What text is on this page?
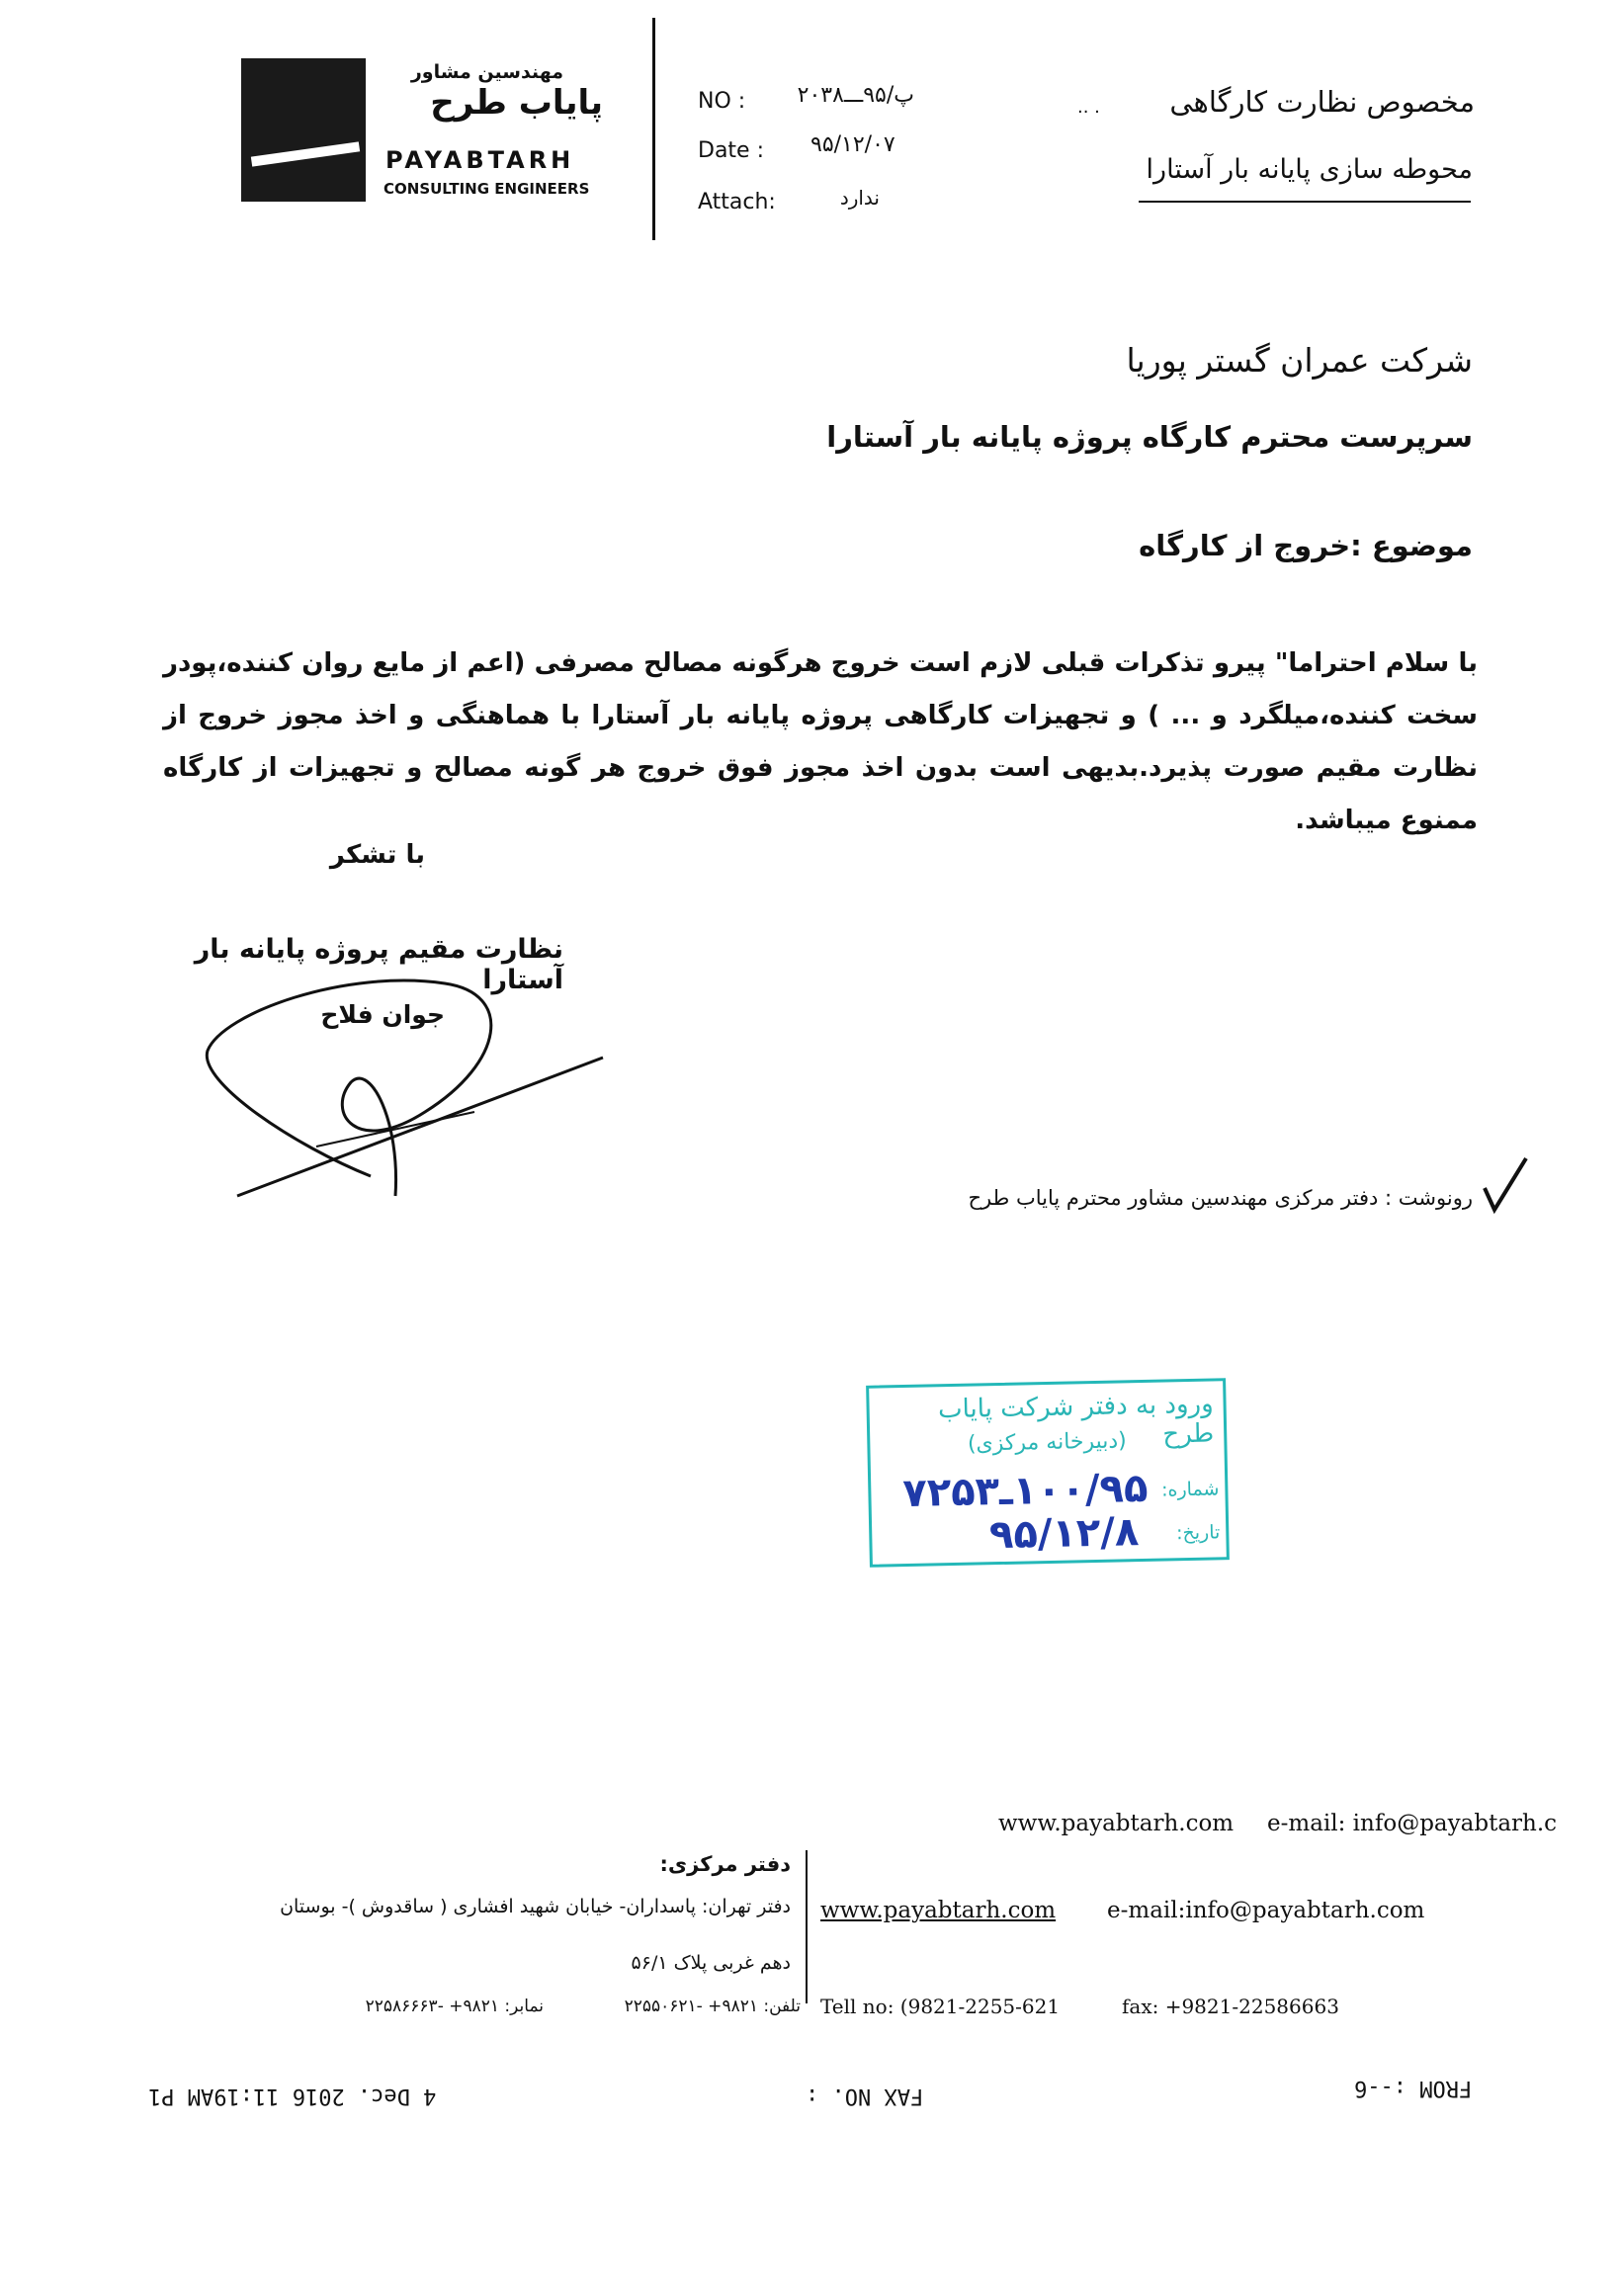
مهندسین مشاور
پایاب طرح
PAYABTARH
CONSULTING ENGINEERS
NO :	پ/۹۵ـــ۲۰۳۸
Date : ۹۵/۱۲/۰۷
Attach:	ندارد
.. .	مخصوص نظارت کارگاهی
محوطه سازی پایانه بار آستارا
شرکت عمران گستر پوریا
سرپرست محترم کارگاه پروژه پایانه بار آستارا
موضوع :خروج از کارگاه
با سلام احتراما" پیرو تذکرات قبلی لازم است خروج هرگونه مصالح مصرفی (اعم از مایع روان کننده،پودر سخت کننده،میلگرد و ... ) و تجهیزات کارگاهی پروژه پایانه بار آستارا با هماهنگی و اخذ مجوز خروج از نظارت مقیم صورت پذیرد.بدیهی است بدون اخذ مجوز فوق خروج هر گونه مصالح و تجهیزات از کارگاه ممنوع میباشد.
با تشکر
نظارت مقیم پروژه پایانه بار آستارا
جوان فلاح
رونوشت : دفتر مرکزی مهندسین مشاور محترم پایاب طرح
ورود به دفتر شرکت پایاب طرح
(دبیرخانه مرکزی)
شماره:
۱۰۰/۹۵ـ۷۲۵۳
تاریخ:
۹۵/۱۲/۸
www.payabtarh.com e-mail: info@payabtarh.c
دفتر مرکزی:
دفتر تهران: پاسداران- خیابان شهید افشاری ( ساقدوش )- بوستان
دهم غربی پلاک ۵۶/۱
www.payabtarh.com e-mail:info@payabtarh.com
تلفن: ۹۸۲۱+ -۲۲۵۵۰۶۲۱
نمابر: ۹۸۲۱+ -۲۲۵۸۶۶۶۳	Tell no: (9821-2255-621	fax: +9821-22586663
4 Dec. 2016 11:19AM P1	FAX NO. :	FROM :--6
